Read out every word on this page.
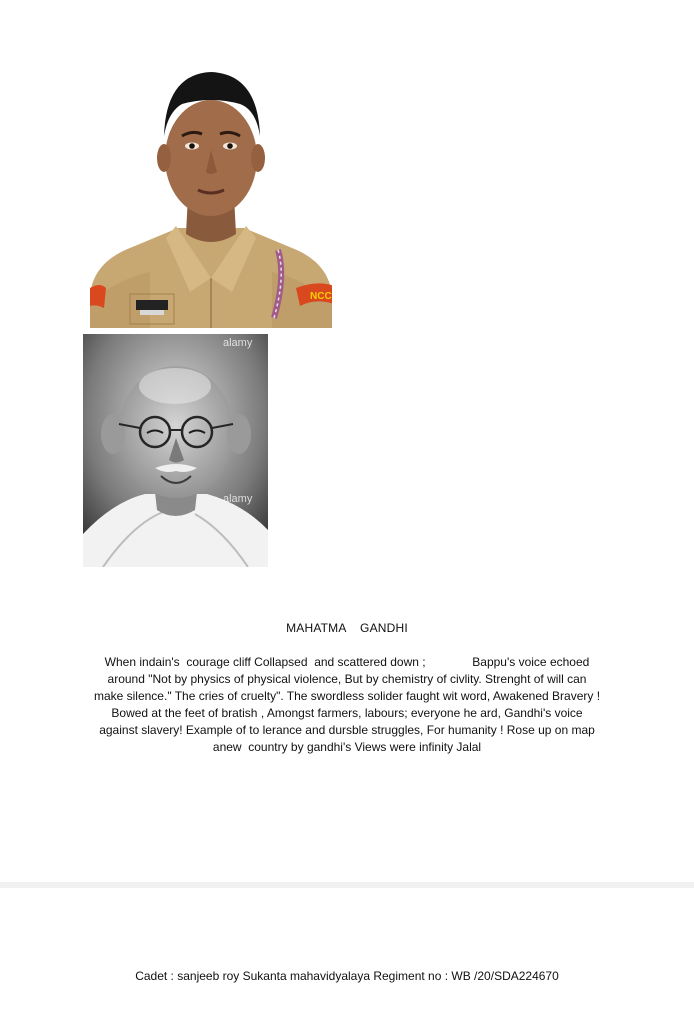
NCC
alamy
alamy
MAHATMA    GANDHI
When indain's  courage cliff Collapsed  and scattered down ;              Bappu's voice echoed
around "Not by physics of physical violence, But by chemistry of civlity. Strenght of will can
make silence." The cries of cruelty". The swordless solider faught wit word, Awakened Bravery !
Bowed at the feet of bratish , Amongst farmers, labours; everyone he ard, Gandhi's voice
against slavery! Example of to lerance and dursble struggles, For humanity ! Rose up on map
anew  country by gandhi's Views were infinity Jalal
Cadet : sanjeeb roy Sukanta mahavidyalaya Regiment no : WB /20/SDA224670
